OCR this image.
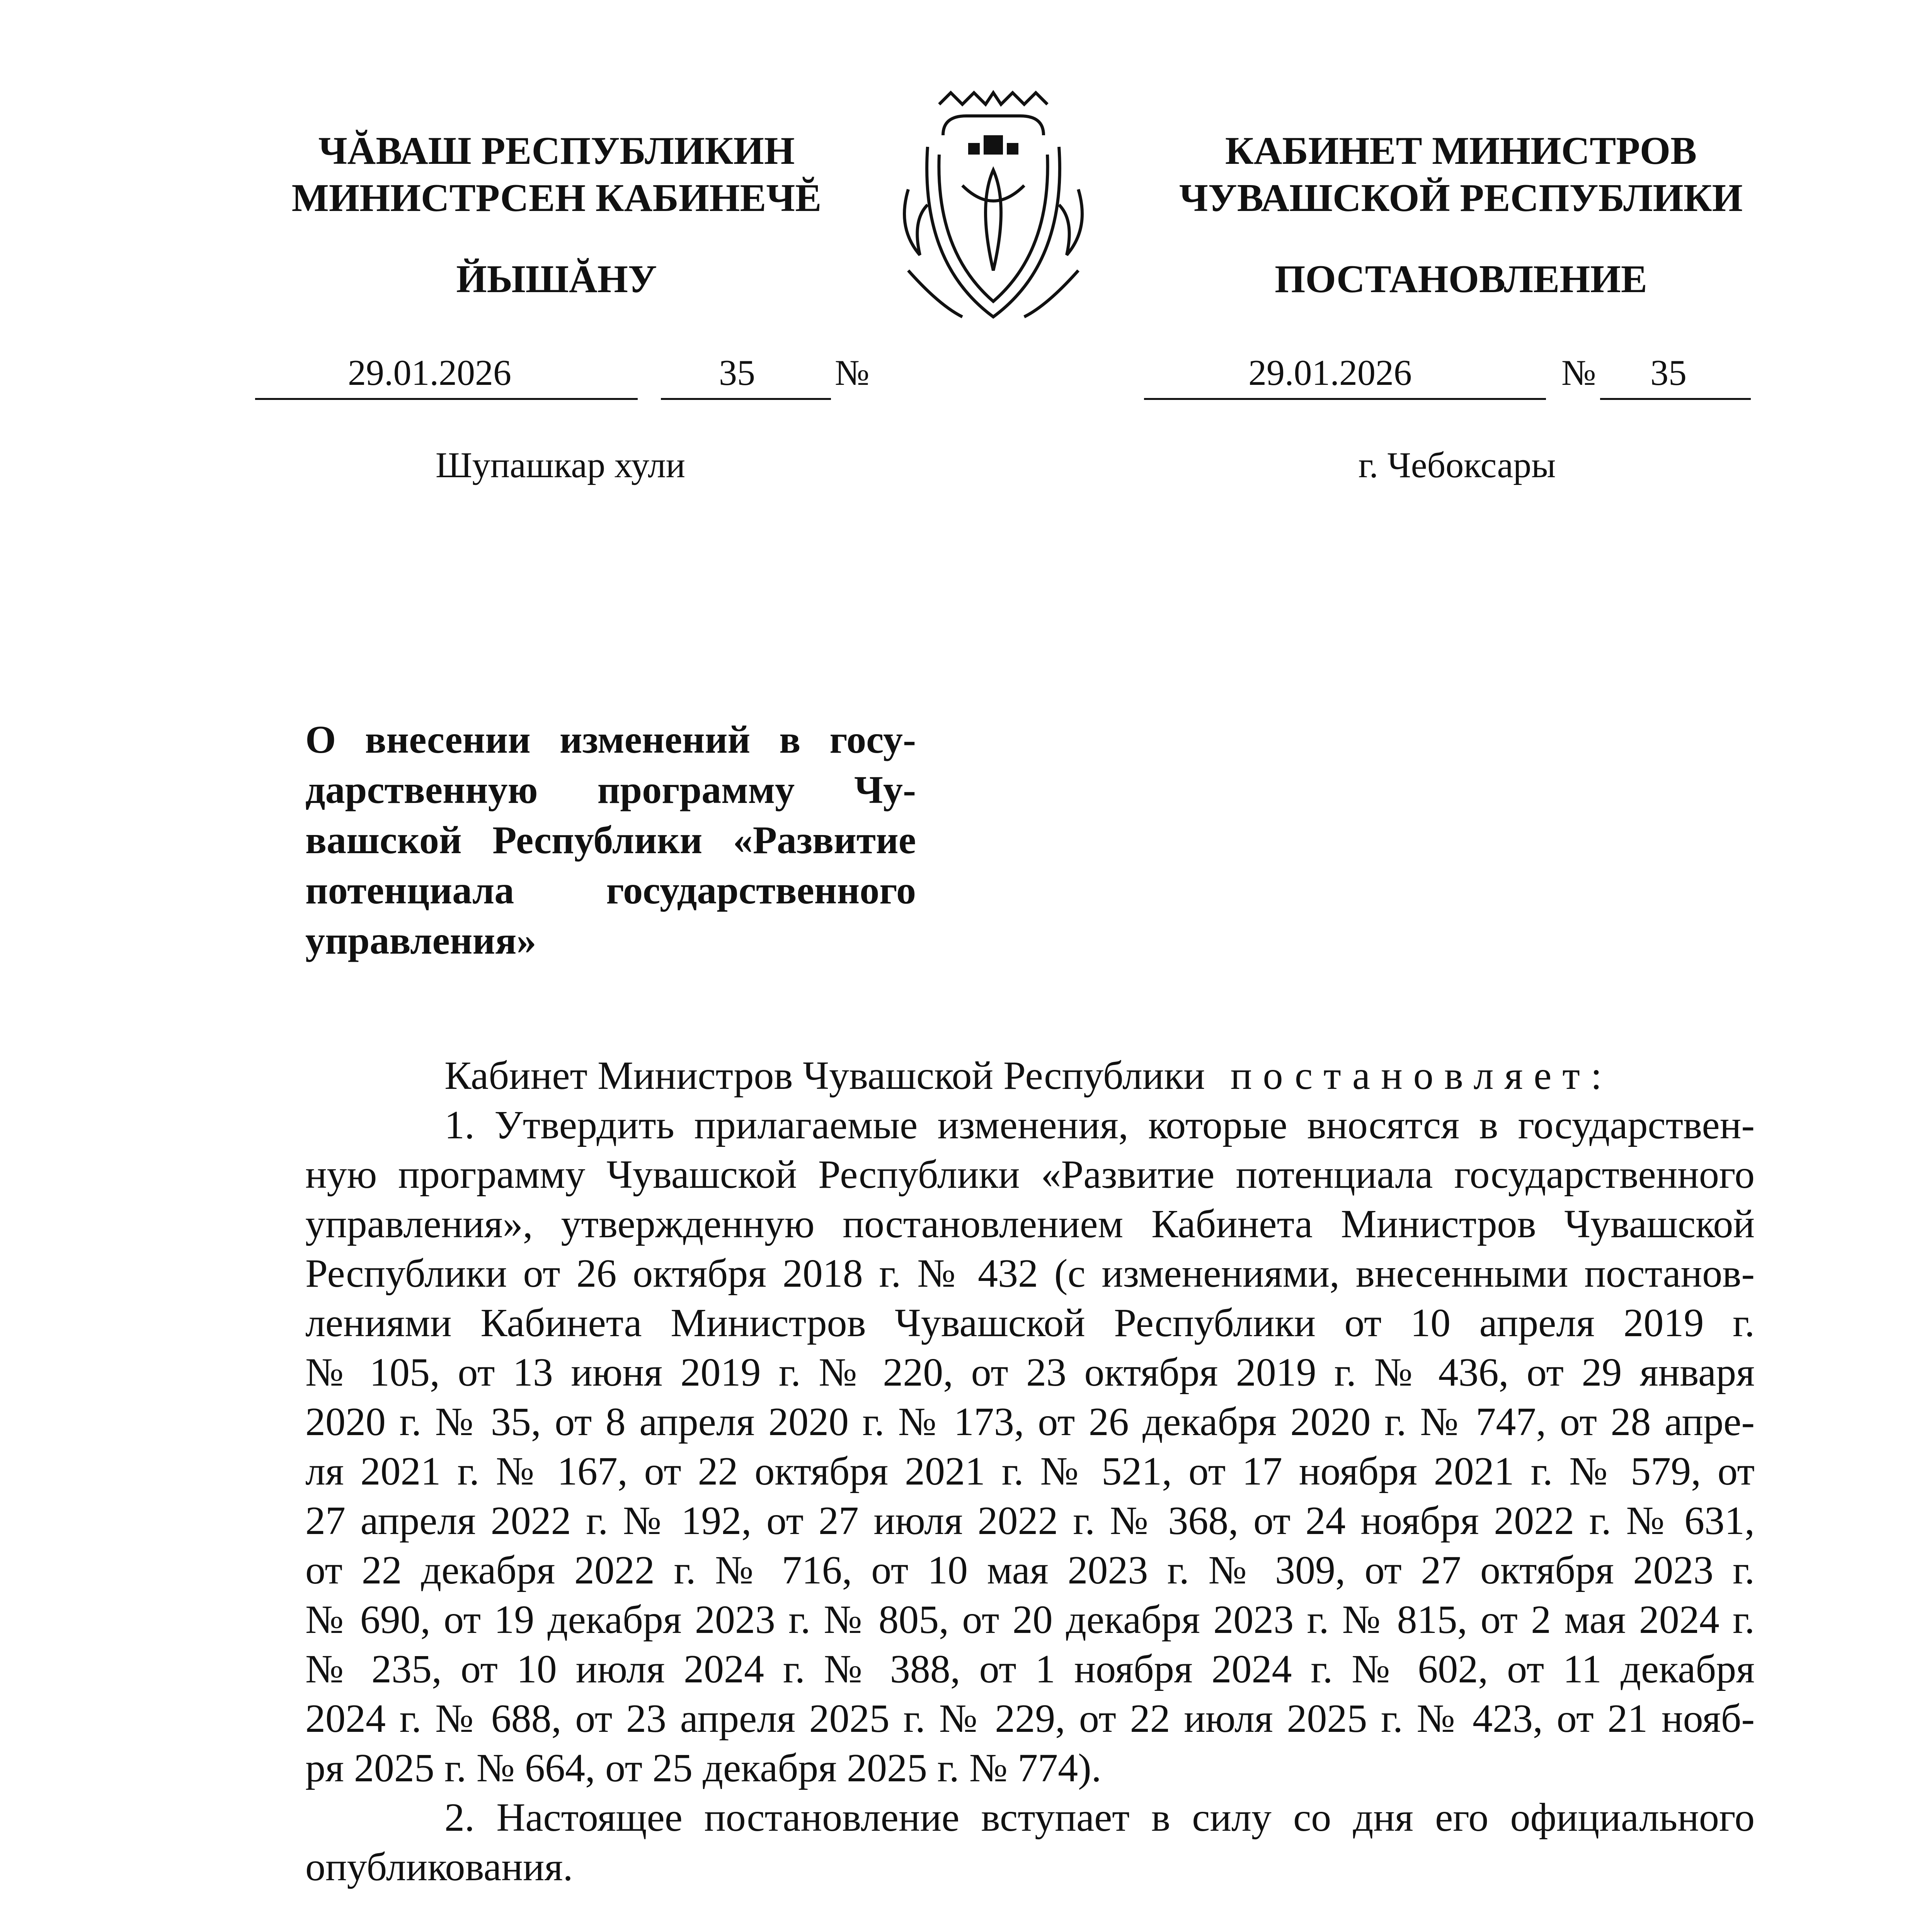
ЧĂВАШ РЕСПУБЛИКИН
МИНИСТРСЕН КАБИНЕЧĔ
ЙЫШĂНУ
КАБИНЕТ МИНИСТРОВ
ЧУВАШСКОЙ РЕСПУБЛИКИ
ПОСТАНОВЛЕНИЕ
29.01.2026	35 №	29.01.2026	№ 35
Шупашкар хули	г. Чебоксары
О внесении изменений в госу-
дарственную программу Чу-
вашской Республики «Развитие
потенциала государственного
управления»
Кабинет Министров Чувашской Республики постановляет:
1. Утвердить прилагаемые изменения, которые вносятся в государствен-
ную программу Чувашской Республики «Развитие потенциала государственного
управления», утвержденную постановлением Кабинета Министров Чувашской
Республики от 26 октября 2018 г. № 432 (с изменениями, внесенными постанов-
лениями Кабинета Министров Чувашской Республики от 10 апреля 2019 г.
№ 105, от 13 июня 2019 г. № 220, от 23 октября 2019 г. № 436, от 29 января
2020 г. № 35, от 8 апреля 2020 г. № 173, от 26 декабря 2020 г. № 747, от 28 апре-
ля 2021 г. № 167, от 22 октября 2021 г. № 521, от 17 ноября 2021 г. № 579, от
27 апреля 2022 г. № 192, от 27 июля 2022 г. № 368, от 24 ноября 2022 г. № 631,
от 22 декабря 2022 г. № 716, от 10 мая 2023 г. № 309, от 27 октября 2023 г.
№ 690, от 19 декабря 2023 г. № 805, от 20 декабря 2023 г. № 815, от 2 мая 2024 г.
№ 235, от 10 июля 2024 г. № 388, от 1 ноября 2024 г. № 602, от 11 декабря
2024 г. № 688, от 23 апреля 2025 г. № 229, от 22 июля 2025 г. № 423, от 21 нояб-
ря 2025 г. № 664, от 25 декабря 2025 г. № 774).
2. Настоящее постановление вступает в силу со дня его официального
опубликования.
